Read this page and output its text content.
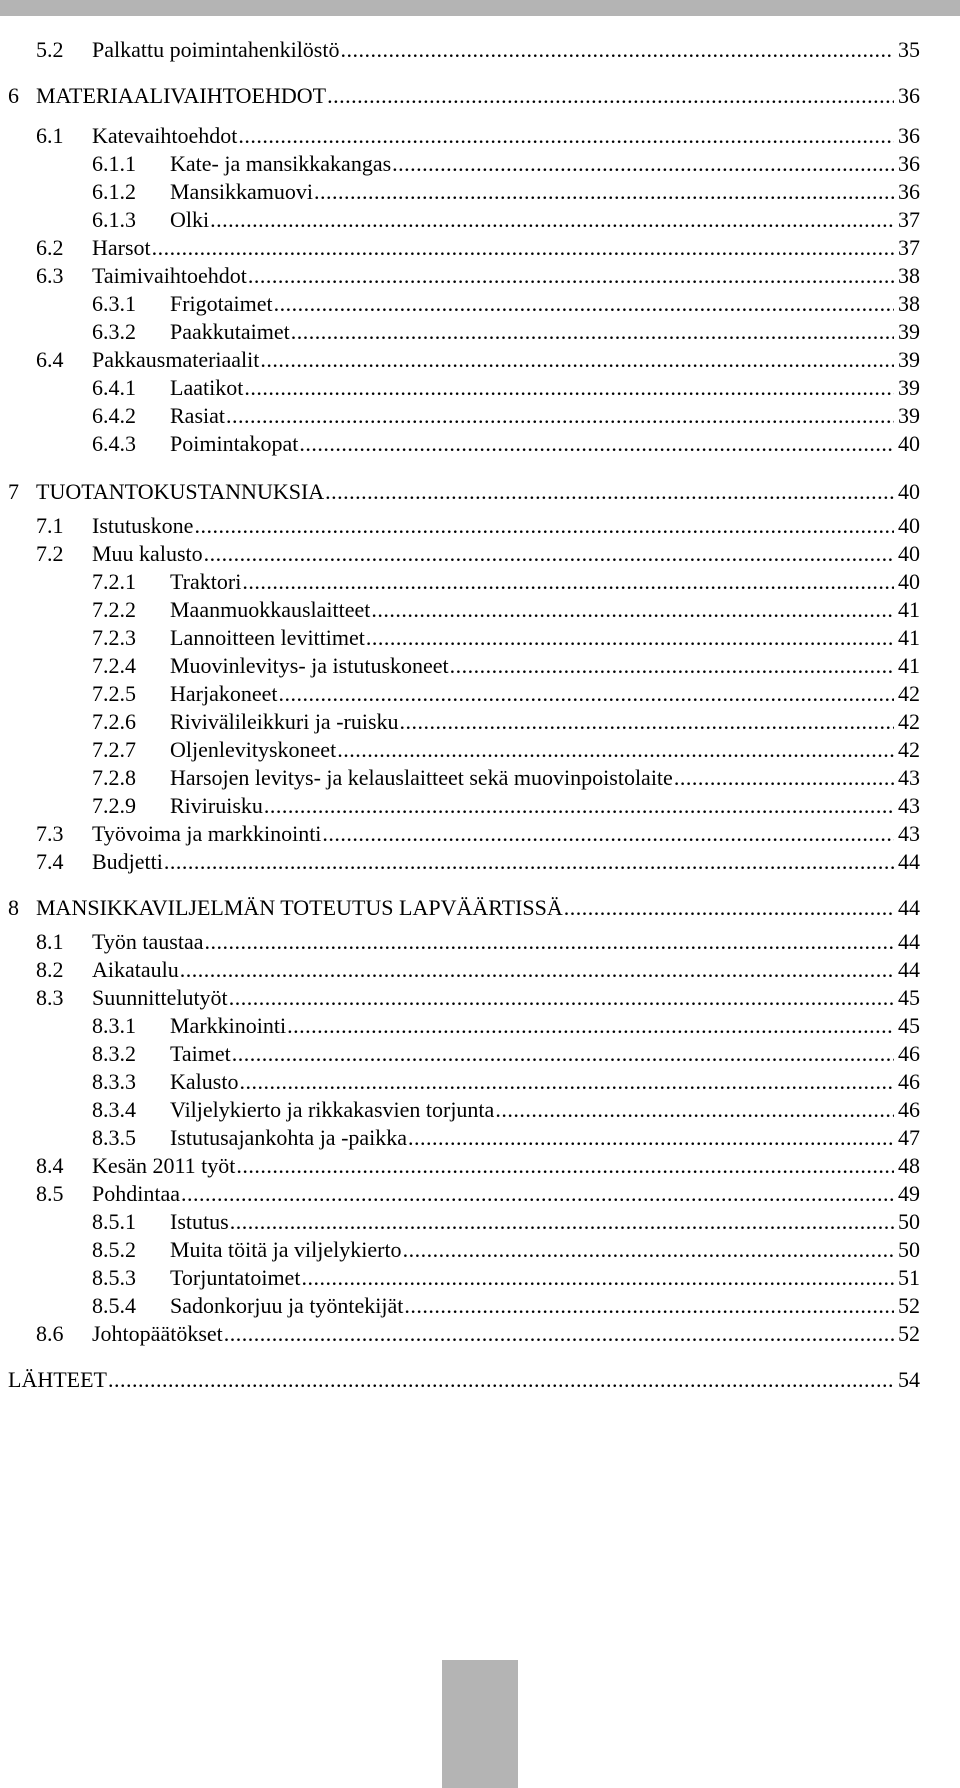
5.2	Palkattu poimintahenkilöstö .....	35
6 MATERIAALIVAIHTOEHDOT .....	36
6.1	Katevaihtoehdot .....	36
6.1.1	Kate- ja mansikkakangas .....	36
6.1.2	Mansikkamuovi .....	36
6.1.3	Olki .....	37
6.2	Harsot .....	37
6.3	Taimivaihtoehdot .....	38
6.3.1	Frigotaimet .....	38
6.3.2	Paakkutaimet .....	39
6.4	Pakkausmateriaalit .....	39
6.4.1	Laatikot .....	39
6.4.2	Rasiat .....	39
6.4.3	Poimintakopat .....	40
7 TUOTANTOKUSTANNUKSIA .....	40
7.1	Istutuskone .....	40
7.2	Muu kalusto .....	40
7.2.1	Traktori .....	40
7.2.2	Maanmuokkauslaitteet .....	41
7.2.3	Lannoitteen levittimet .....	41
7.2.4	Muovinlevitys- ja istutuskoneet .....	41
7.2.5	Harjakoneet .....	42
7.2.6	Rivivälileikkuri ja -ruisku .....	42
7.2.7	Oljenlevityskoneet .....	42
7.2.8	Harsojen levitys- ja kelauslaitteet sekä muovinpoistolaite .....	43
7.2.9	Riviruisku .....	43
7.3	Työvoima ja markkinointi .....	43
7.4	Budjetti .....	44
8 MANSIKKAVILJELMÄN TOTEUTUS LAPVÄÄRTISSÄ .....	44
8.1	Työn taustaa .....	44
8.2	Aikataulu .....	44
8.3	Suunnittelutyöt .....	45
8.3.1	Markkinointi .....	45
8.3.2	Taimet .....	46
8.3.3	Kalusto .....	46
8.3.4	Viljelykierto ja rikkakasvien torjunta .....	46
8.3.5	Istutusajankohta ja -paikka .....	47
8.4	Kesän 2011 työt .....	48
8.5	Pohdintaa .....	49
8.5.1	Istutus .....	50
8.5.2	Muita töitä ja viljelykierto .....	50
8.5.3	Torjuntatoimet .....	51
8.5.4	Sadonkorjuu ja työntekijät .....	52
8.6	Johtopäätökset .....	52
LÄHTEET .....	54
